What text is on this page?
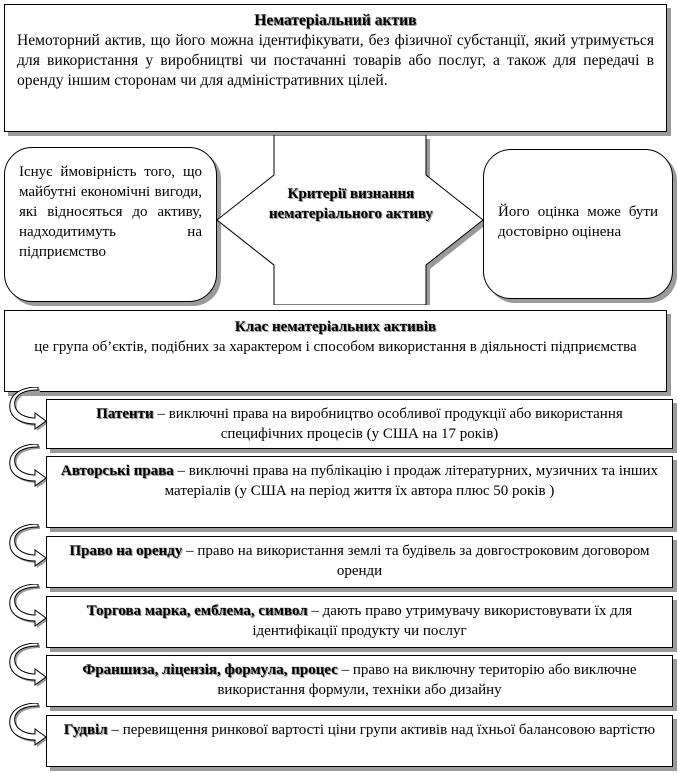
Нематеріальний актив
Немоторний актив, що його можна ідентифікувати, без фізичної субстанції, який утримується для використання у виробництві чи постачанні товарів або послуг, а також для передачі в оренду іншим сторонам чи для адміністративних цілей.
Існує ймовірність того, що майбутні економічні вигоди, які відносяться до активу, надходитимуть на підприємство
Критерії визнання нематеріального активу	Його оцінка може бути достовірно оцінена
Клас нематеріальних активів
це група об’єктів, подібних за характером і способом використання в діяльності підприємства
Патенти – виключні права на виробництво особливої продукції або використання специфічних процесів (у США на 17 років)
Авторські права – виключні права на публікацію і продаж літературних, музичних та інших матеріалів (у США на період життя їх автора плюс 50 років )
Право на оренду – право на використання землі та будівель за довгостроковим договором оренди
Торгова марка, емблема, символ – дають право утримувачу використовувати їх для ідентифікації продукту чи послуг
Франшиза, ліцензія, формула, процес – право на виключну територію або виключне використання формули, техніки або дизайну
Гудвіл – перевищення ринкової вартості ціни групи активів над їхньої балансовою вартістю
